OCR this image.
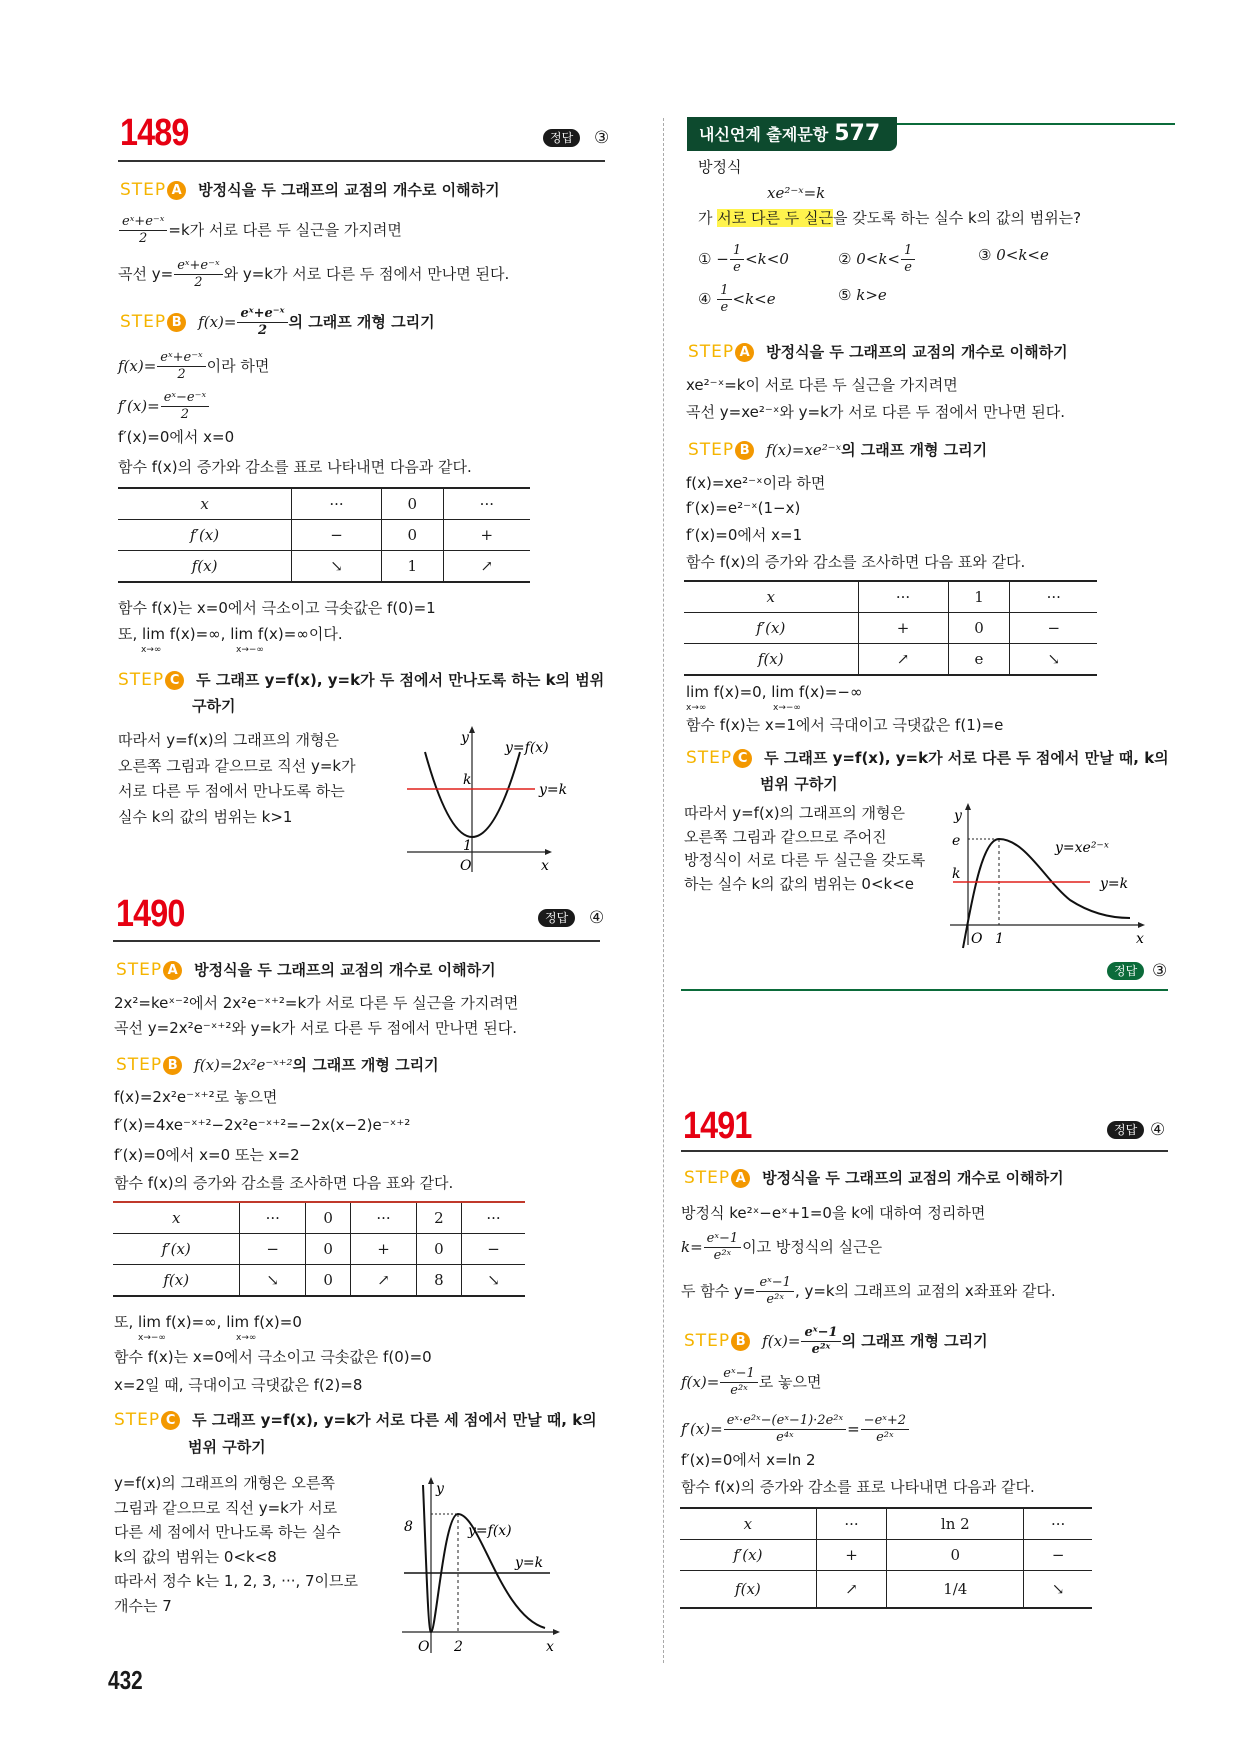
1489	정답	③
STEP A 방정식을 두 그래프의 교점의 개수로 이해하기
$\frac{\text{eˣ+e⁻ˣ}}{2} =k$가 서로 다른 두 실근을 가지려면
곡선 $y= \frac{\text{eˣ+e⁻ˣ}}{2}$ 와 y=k가 서로 다른 두 점에서 만나면 된다.
STEP B $f(x)= \frac{\text{eˣ+e⁻ˣ}}{2}$ 의 그래프 개형 그리기
$f(x)= \frac{\text{eˣ+e⁻ˣ}}{2}$ 이라 하면
$f'(x)= \frac{\text{eˣ−e⁻ˣ}}{2}$
f′(x)=0에서 x=0
함수 f(x)의 증가와 감소를 표로 나타내면 다음과 같다.
x	···	0	···
f′(x)	−	0	+
f(x)	↘	1	↗
함수 f(x)는 x=0에서 극소이고 극솟값은 f(0)=1
또, lim f(x)=∞, lim f(x)=∞이다.
x→∞	x→−∞
STEP C 두 그래프 y=f(x), y=k가 두 점에서 만나도록 하는 k의 범위
구하기
따라서 y=f(x)의 그래프의 개형은
오른쪽 그림과 같으므로 직선 y=k가
서로 다른 두 점에서 만나도록 하는
실수 k의 값의 범위는 k>1
y
y=f(x)
k
y=k
1
O	x
1490	정답	④
STEP A 방정식을 두 그래프의 교점의 개수로 이해하기
2x²=keˣ⁻²에서 2x²e⁻ˣ⁺²=k가 서로 다른 두 실근을 가지려면
곡선 y=2x²e⁻ˣ⁺²와 y=k가 서로 다른 두 점에서 만나면 된다.
STEP B f(x)=2x²e⁻ˣ⁺²의 그래프 개형 그리기
f(x)=2x²e⁻ˣ⁺²로 놓으면
f′(x)=4xe⁻ˣ⁺²−2x²e⁻ˣ⁺²=−2x(x−2)e⁻ˣ⁺²
f′(x)=0에서 x=0 또는 x=2
함수 f(x)의 증가와 감소를 조사하면 다음 표와 같다.
x	···	0	···	2	···
f′(x)	−	0	+	0	−
f(x)	↘	0	↗	8	↘
또, lim f(x)=∞, lim f(x)=0
x→−∞	x→∞
함수 f(x)는 x=0에서 극소이고 극솟값은 f(0)=0
x=2일 때, 극대이고 극댓값은 f(2)=8
STEP C 두 그래프 y=f(x), y=k가 서로 다른 세 점에서 만날 때, k의
범위 구하기
y=f(x)의 그래프의 개형은 오른쪽
그림과 같으므로 직선 y=k가 서로
다른 세 점에서 만나도록 하는 실수
k의 값의 범위는 0<k<8
따라서 정수 k는 1, 2, 3, ···, 7이므로
개수는 7
8
y
y=f(x)
y=k
O 2	x
432
내신연계 출제문항 577
방정식
xe²⁻ˣ=k
가 서로 다른 두 실근을 갖도록 하는 실수 k의 값의 범위는?
① − $\frac{1}{e} <k<0$	② $0<k< \frac{1}{e}$	③ 0<k<e
④ $\frac{1}{e} <k<e$	⑤ k>e
STEP A 방정식을 두 그래프의 교점의 개수로 이해하기
xe²⁻ˣ=k이 서로 다른 두 실근을 가지려면
곡선 y=xe²⁻ˣ와 y=k가 서로 다른 두 점에서 만나면 된다.
STEP B f(x)=xe²⁻ˣ의 그래프 개형 그리기
f(x)=xe²⁻ˣ이라 하면
f′(x)=e²⁻ˣ(1−x)
f′(x)=0에서 x=1
함수 f(x)의 증가와 감소를 조사하면 다음 표와 같다.
x	···	1	···
f′(x)	+	0	−
f(x)	↗	e	↘
lim f(x)=0, lim f(x)=−∞
x→∞	x→−∞
함수 f(x)는 x=1에서 극대이고 극댓값은 f(1)=e
STEP C 두 그래프 y=f(x), y=k가 서로 다른 두 점에서 만날 때, k의
범위 구하기
따라서 y=f(x)의 그래프의 개형은
오른쪽 그림과 같으므로 주어진
방정식이 서로 다른 두 실근을 갖도록
하는 실수 k의 값의 범위는 0<k<e
y
e
k
y=xe²⁻ˣ
y=k
O 1	x
정답 ③
1491	정답 ④
STEP A 방정식을 두 그래프의 교점의 개수로 이해하기
방정식 ke²ˣ−eˣ+1=0을 k에 대하여 정리하면
$k= \frac{\text{eˣ−1}}{\text{e²ˣ}}$ 이고 방정식의 실근은
두 함수 $y= \frac{\text{eˣ−1}}{\text{e²ˣ}}$ , y=k의 그래프의 교점의 x좌표와 같다.
STEP B $f(x)= \frac{\text{eˣ−1}}{\text{e²ˣ}}$ 의 그래프 개형 그리기
$f(x)= \frac{\text{eˣ−1}}{\text{e²ˣ}}$ 로 놓으면
$f'(x)= \frac{\text{eˣ·e²ˣ−(eˣ−1)·2e²ˣ}}{\text{e⁴ˣ}} = \frac{\text{−eˣ+2}}{\text{e²ˣ}}$
f′(x)=0에서 x=ln 2
함수 f(x)의 증가와 감소를 표로 나타내면 다음과 같다.
x	···	ln 2	···
f′(x)	+	0	−
f(x)	↗	1/4	↘
